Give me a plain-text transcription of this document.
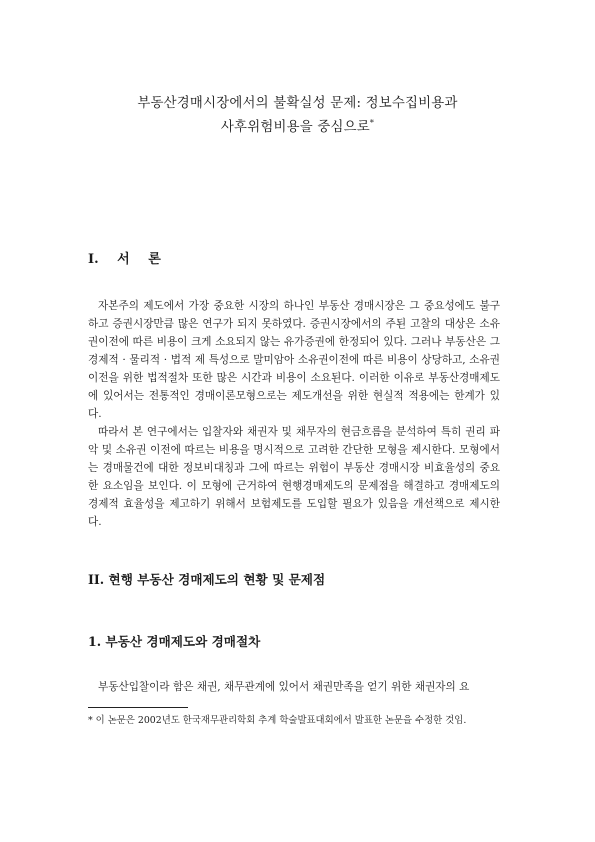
부동산경매시장에서의 불확실성 문제: 정보수집비용과
사후위험비용을 중심으로*
I. 서 론

자본주의 제도에서 가장 중요한 시장의 하나인 부동산 경매시장은 그 중요성에도 불구하고 증권시장만큼 많은 연구가 되지 못하였다. 증권시장에서의 주된 고찰의 대상은 소유권이전에 따른 비용이 크게 소요되지 않는 유가증권에 한정되어 있다. 그러나 부동산은 그 경제적 · 물리적 · 법적 제 특성으로 말미암아 소유권이전에 따른 비용이 상당하고, 소유권이전을 위한 법적절차 또한 많은 시간과 비용이 소요된다. 이러한 이유로 부동산경매제도에 있어서는 전통적인 경매이론모형으로는 제도개선을 위한 현실적 적용에는 한계가 있다.

따라서 본 연구에서는 입찰자와 채권자 및 채무자의 현금흐름을 분석하여 특히 권리 파악 및 소유권 이전에 따르는 비용을 명시적으로 고려한 간단한 모형을 제시한다. 모형에서는 경매물건에 대한 정보비대칭과 그에 따르는 위험이 부동산 경매시장 비효율성의 중요한 요소임을 보인다. 이 모형에 근거하여 현행경매제도의 문제점을 해결하고 경매제도의 경제적 효율성을 제고하기 위해서 보험제도를 도입할 필요가 있음을 개선책으로 제시한다.

II. 현행 부동산 경매제도의 현황 및 문제점
1. 부동산 경매제도와 경매절차

부동산입찰이라 함은 채권, 채무관계에 있어서 채권만족을 얻기 위한 채권자의 요

* 이 논문은 2002년도 한국재무관리학회 추계 학술발표대회에서 발표한 논문을 수정한 것임.
